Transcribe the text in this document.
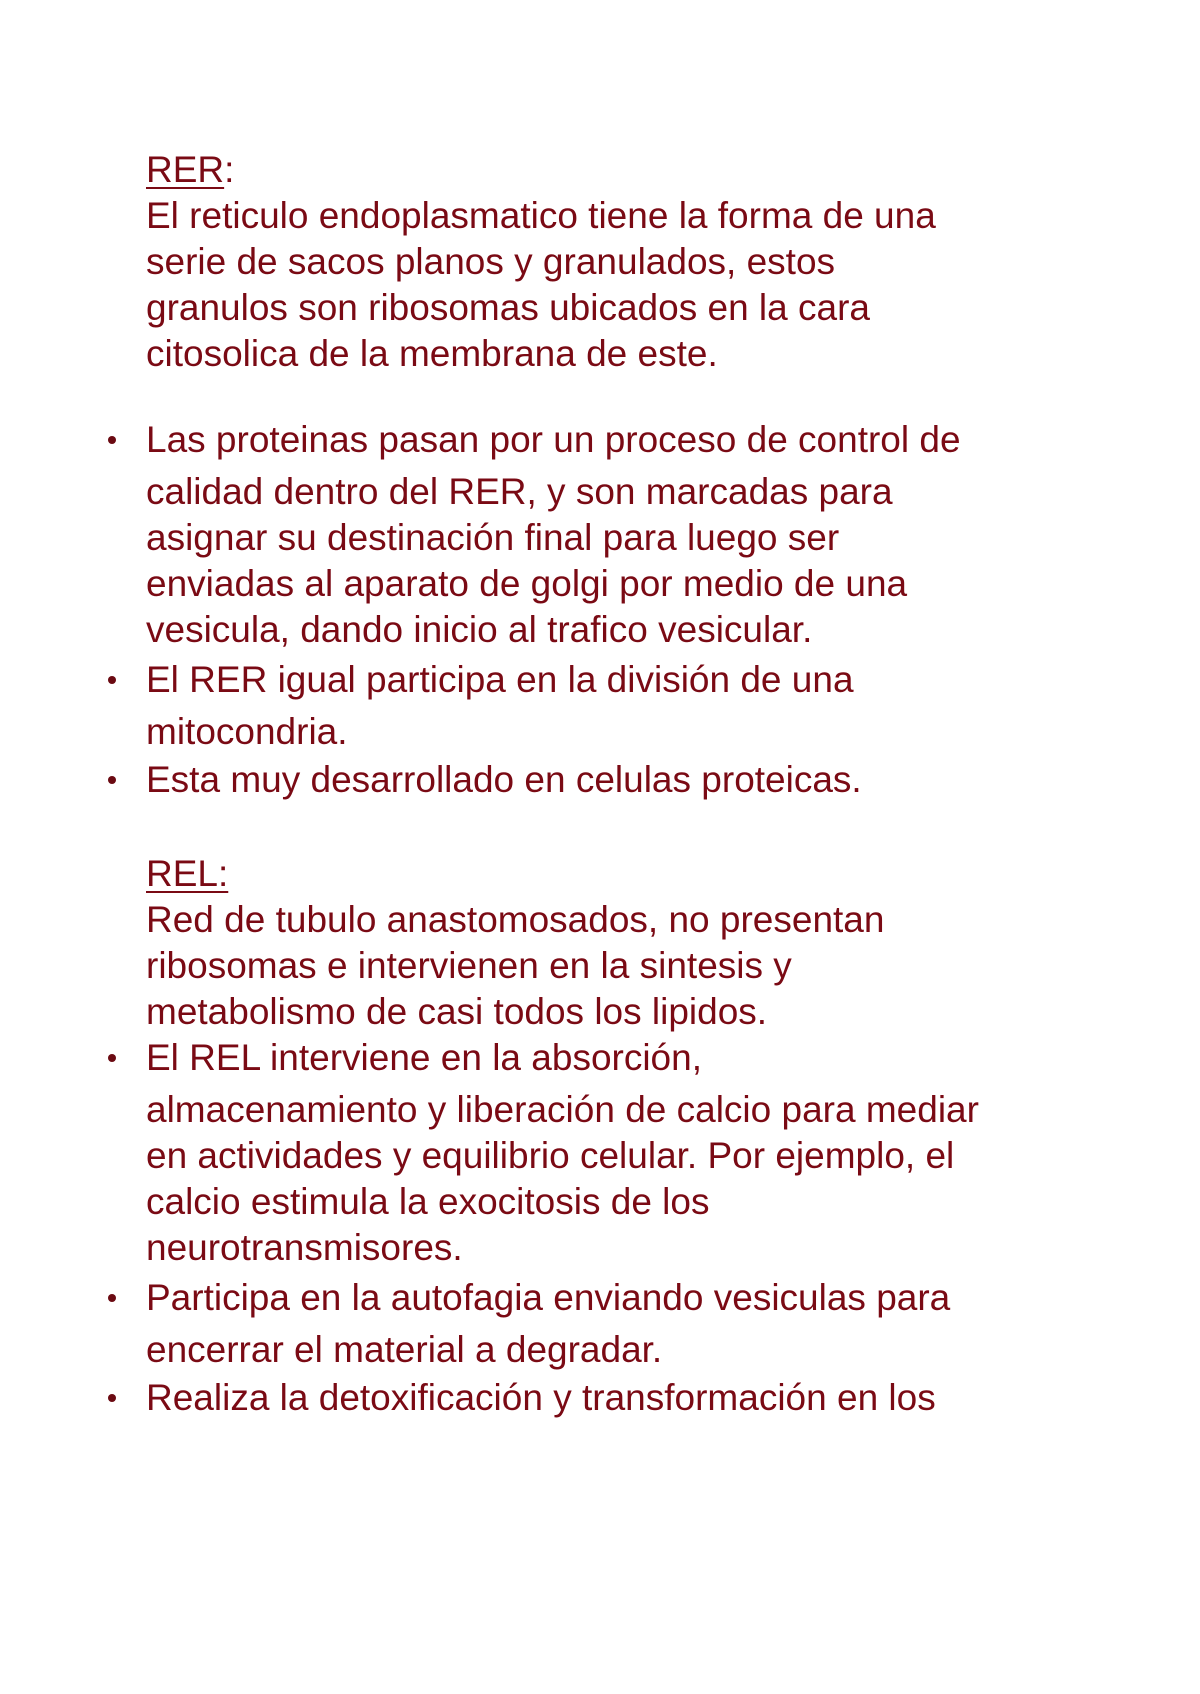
RER:
El reticulo endoplasmatico tiene la forma de una
serie de sacos planos y granulados, estos
granulos son ribosomas ubicados en la cara
citosolica de la membrana de este.
Las proteinas pasan por un proceso de control de
calidad dentro del RER, y son marcadas para
asignar su destinación final para luego ser
enviadas al aparato de golgi por medio de una
vesicula, dando inicio al trafico vesicular.
El RER igual participa en la división de una
mitocondria.
Esta muy desarrollado en celulas proteicas.
REL:
Red de tubulo anastomosados, no presentan
ribosomas e intervienen en la sintesis y
metabolismo de casi todos los lipidos.
El REL interviene en la absorción,
almacenamiento y liberación de calcio para mediar
en actividades y equilibrio celular. Por ejemplo, el
calcio estimula la exocitosis de los
neurotransmisores.
Participa en la autofagia enviando vesiculas para
encerrar el material a degradar.
Realiza la detoxificación y transformación en los
